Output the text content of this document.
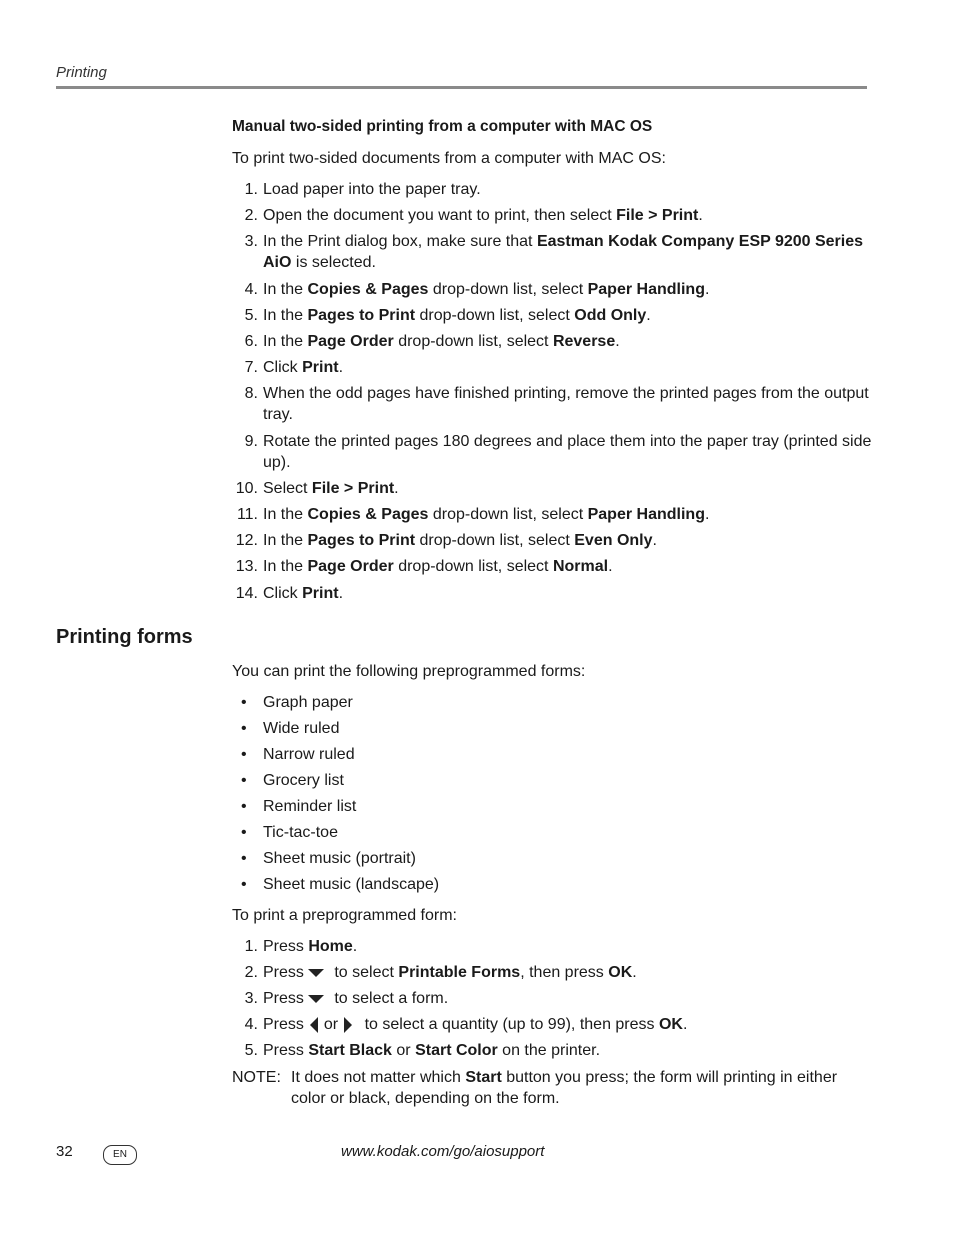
Printing
Manual two-sided printing from a computer with MAC OS
To print two-sided documents from a computer with MAC OS:
1. Load paper into the paper tray.
2. Open the document you want to print, then select File > Print.
3. In the Print dialog box, make sure that Eastman Kodak Company ESP 9200 Series AiO is selected.
4. In the Copies & Pages drop-down list, select Paper Handling.
5. In the Pages to Print drop-down list, select Odd Only.
6. In the Page Order drop-down list, select Reverse.
7. Click Print.
8. When the odd pages have finished printing, remove the printed pages from the output tray.
9. Rotate the printed pages 180 degrees and place them into the paper tray (printed side up).
10. Select File > Print.
11. In the Copies & Pages drop-down list, select Paper Handling.
12. In the Pages to Print drop-down list, select Even Only.
13. In the Page Order drop-down list, select Normal.
14. Click Print.
Printing forms
You can print the following preprogrammed forms:
• Graph paper
• Wide ruled
• Narrow ruled
• Grocery list
• Reminder list
• Tic-tac-toe
• Sheet music (portrait)
• Sheet music (landscape)
To print a preprogrammed form:
1. Press Home.
2. Press to select Printable Forms, then press OK.
3. Press to select a form.
4. Press or to select a quantity (up to 99), then press OK.
5. Press Start Black or Start Color on the printer.
NOTE: It does not matter which Start button you press; the form will printing in either color or black, depending on the form.
32	EN	www.kodak.com/go/aiosupport
